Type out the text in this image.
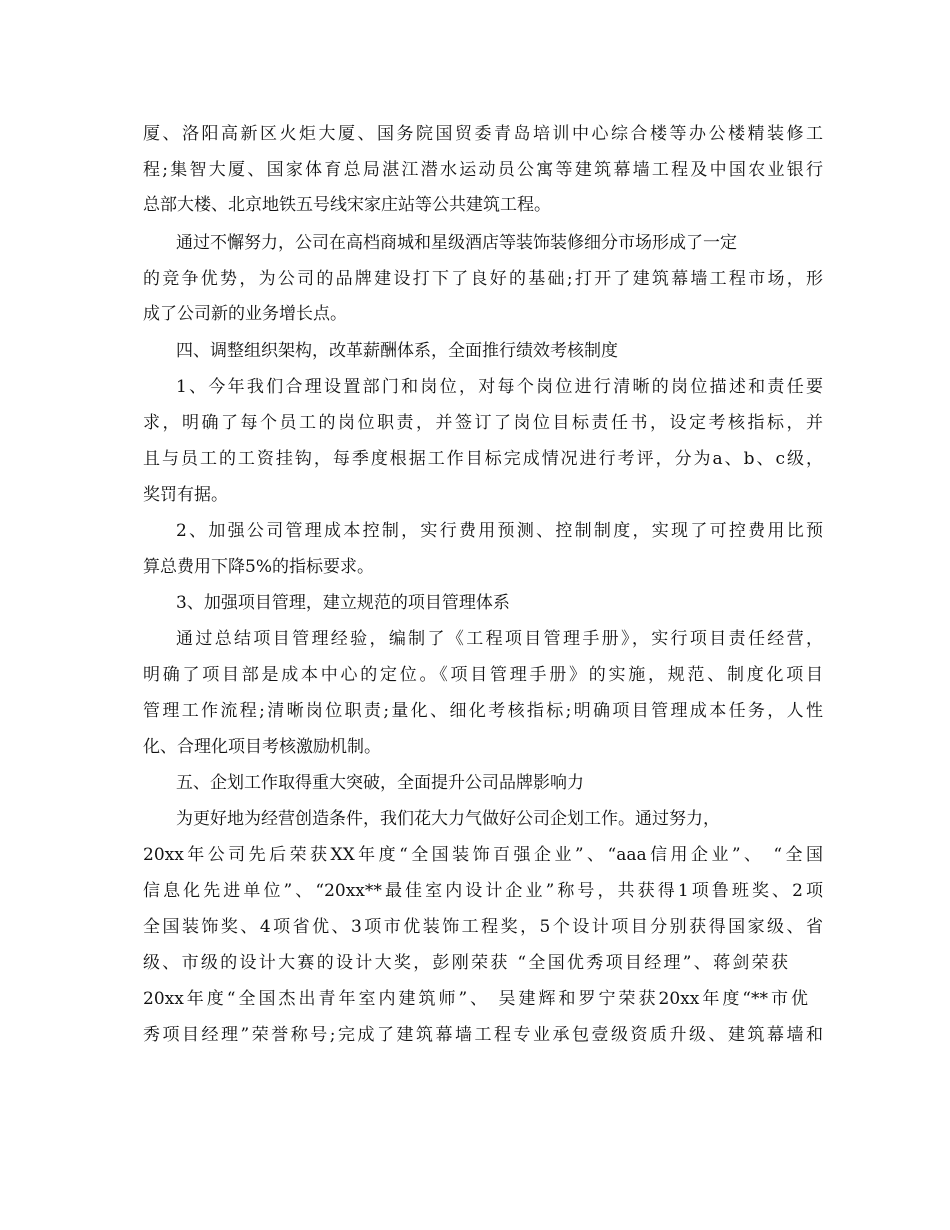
厦、洛阳高新区火炬大厦、国务院国贸委青岛培训中心综合楼等办公楼精装修工
程;集智大厦、国家体育总局湛江潜水运动员公寓等建筑幕墙工程及中国农业银行
总部大楼、北京地铁五号线宋家庄站等公共建筑工程。
通过不懈努力，公司在高档商城和星级酒店等装饰装修细分市场形成了一定
的竞争优势，为公司的品牌建设打下了良好的基础;打开了建筑幕墙工程市场，形
成了公司新的业务增长点。
四、调整组织架构，改革薪酬体系，全面推行绩效考核制度
1、今年我们合理设置部门和岗位，对每个岗位进行清晰的岗位描述和责任要
求，明确了每个员工的岗位职责，并签订了岗位目标责任书，设定考核指标，并
且与员工的工资挂钩，每季度根据工作目标完成情况进行考评，分为a、b、c级，
奖罚有据。
2、加强公司管理成本控制，实行费用预测、控制制度，实现了可控费用比预
算总费用下降5%的指标要求。
3、加强项目管理，建立规范的项目管理体系
通过总结项目管理经验，编制了《工程项目管理手册》，实行项目责任经营，
明确了项目部是成本中心的定位。《项目管理手册》的实施，规范、制度化项目
管理工作流程;清晰岗位职责;量化、细化考核指标;明确项目管理成本任务，人性
化、合理化项目考核激励机制。
五、企划工作取得重大突破，全面提升公司品牌影响力
为更好地为经营创造条件，我们花大力气做好公司企划工作。通过努力，
20xx年公司先后荣获XX年度“全国装饰百强企业”、“aaa信用企业”、 “全国
信息化先进单位”、“20xx**最佳室内设计企业”称号，共获得1项鲁班奖、2项
全国装饰奖、4项省优、3项市优装饰工程奖，5个设计项目分别获得国家级、省
级、市级的设计大赛的设计大奖，彭刚荣获 “全国优秀项目经理”、蒋剑荣获
20xx年度“全国杰出青年室内建筑师”、 吴建辉和罗宁荣获20xx年度“**市优
秀项目经理”荣誉称号;完成了建筑幕墙工程专业承包壹级资质升级、建筑幕墙和
